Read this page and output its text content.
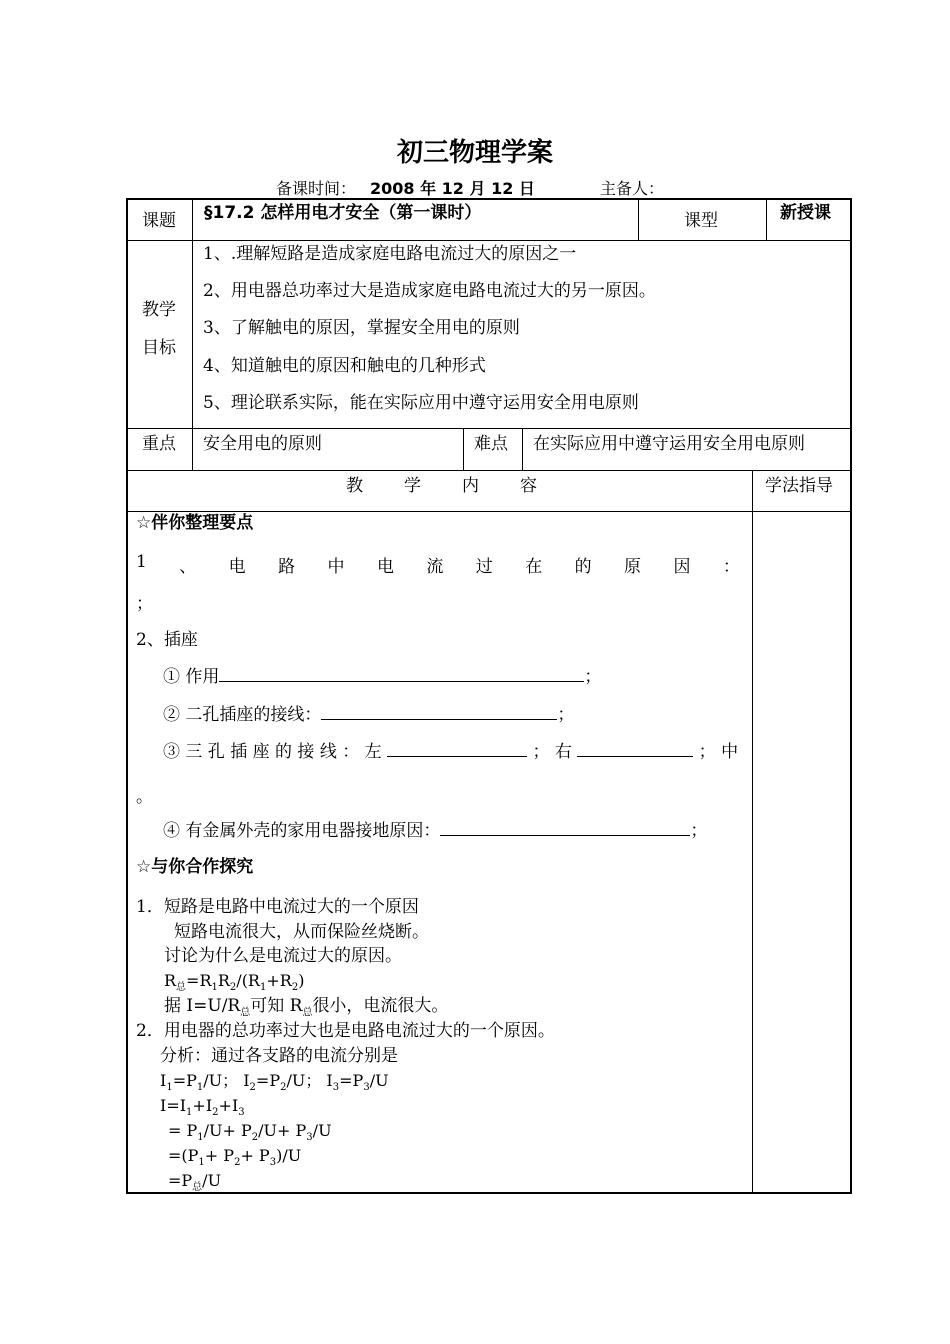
初三物理学案
备课时间： 2008 年 12 月 12 日	主备人：
课题 §17.2 怎样用电才安全（第一课时）	课型	新授课
教学
目标
1、.理解短路是造成家庭电路电流过大的原因之一
2、用电器总功率过大是造成家庭电路电流过大的另一原因。
3、了解触电的原因，掌握安全用电的原则
4、知道触电的原因和触电的几种形式
5、理论联系实际，能在实际应用中遵守运用安全用电原则
重点 安全用电的原则	难点 在实际应用中遵守运用安全用电原则
教 学 内 容	学法指导
☆伴你整理要点
1 、 电 路 中 电 流 过 在 的 原 因 ：
；
2、插座
① 作用	；
② 二孔插座的接线：	；
③ 三 孔 插 座 的 接 线 ： 左	； 右	； 中
。
④ 有金属外壳的家用电器接地原因：	；
☆与你合作探究
1．短路是电路中电流过大的一个原因
短路电流很大，从而保险丝烧断。
讨论为什么是电流过大的原因。
$R_总=R_1R_2/(R_1+R_2)$
据 $I=U/R_总$可知 $R_总$很小，电流很大。
2．用电器的总功率过大也是电路电流过大的一个原因。
分析：通过各支路的电流分别是
$I_1=P_1/U$； $I_2=P_2/U$； $I_3=P_3/U$
$I=I_1+I_2+I_3$
= $P_1/U+ P_2/U+ P_3/U$
$=(P_1+ P_2+ P_3)/U$
$=P_总/U$
